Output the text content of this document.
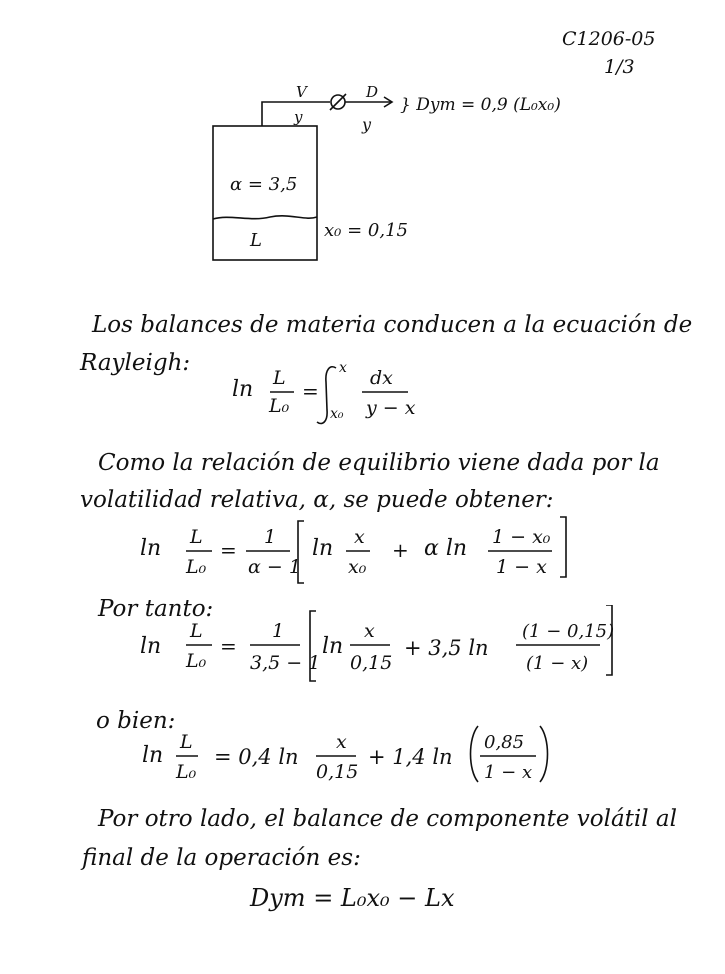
C1206-05
1/3
V
y
D
y
} Dym = 0,9 (L₀x₀)
α = 3,5
L	x₀ = 0,15
Los balances de materia conducen a la ecuación de
Rayleigh:
ln L
L₀
=
x
x₀
dx
y − x
Como la relación de equilibrio viene dada por la
volatilidad relativa, α, se puede obtener:
ln L
L₀
=
1
α − 1
ln x
x₀
+ α ln 1 − x₀
1 − x
Por tanto:
ln
L
L₀
=
1
3,5 − 1
ln
x
0,15
+ 3,5 ln
(1 − 0,15)
(1 − x)
o bien:
ln
L
L₀
= 0,4 ln
x
0,15
+ 1,4 ln
0,85
1 − x
Por otro lado, el balance de componente volátil al
final de la operación es:
Dym = L₀x₀ − Lx
